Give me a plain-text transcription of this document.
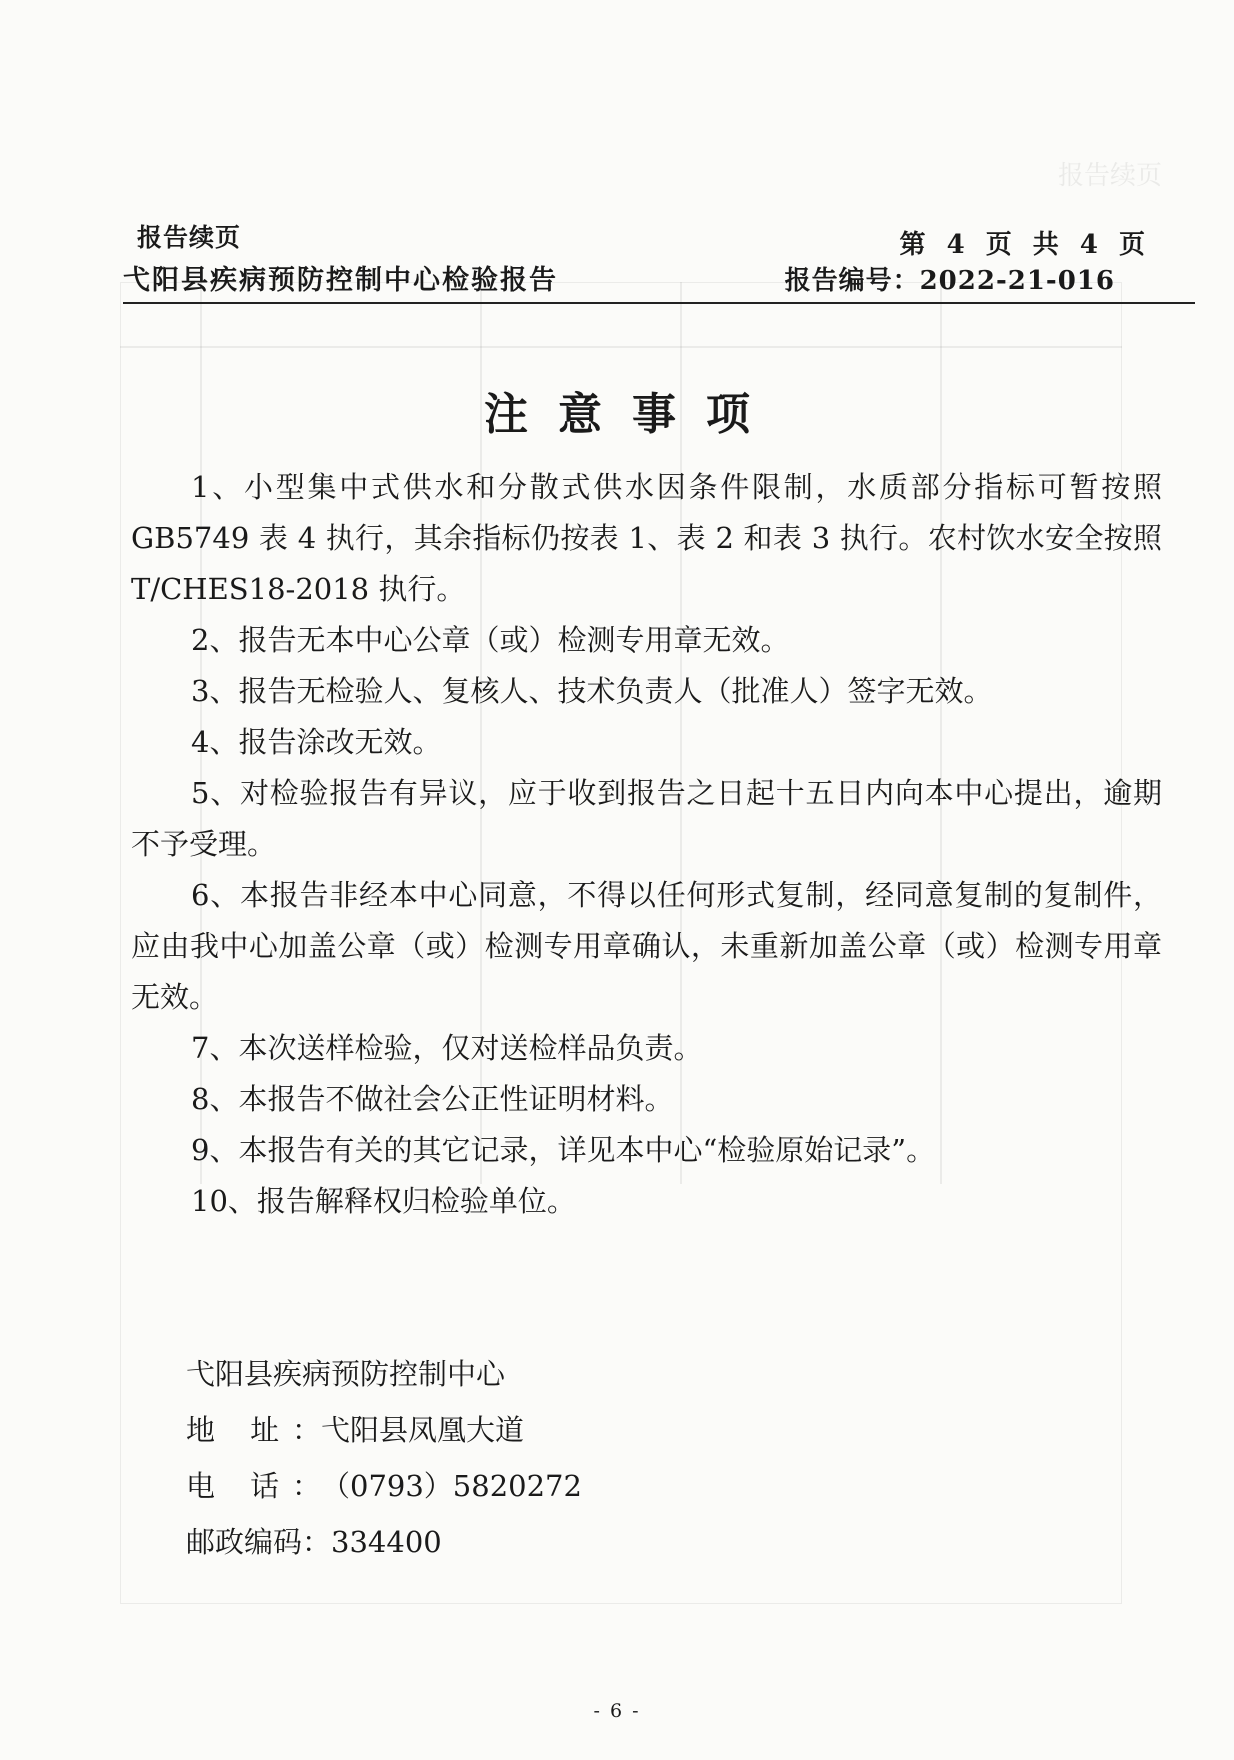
报告续页
报告续页
弋阳县疾病预防控制中心检验报告
第 4 页 共 4 页
报告编号：2022-21-016
注意事项

1、小型集中式供水和分散式供水因条件限制，水质部分指标可暂按照GB5749 表 4 执行，其余指标仍按表 1、表 2 和表 3 执行。农村饮水安全按照 T/CHES18-2018 执行。

2、报告无本中心公章（或）检测专用章无效。

3、报告无检验人、复核人、技术负责人（批准人）签字无效。

4、报告涂改无效。

5、对检验报告有异议，应于收到报告之日起十五日内向本中心提出，逾期不予受理。

6、本报告非经本中心同意，不得以任何形式复制，经同意复制的复制件，应由我中心加盖公章（或）检测专用章确认，未重新加盖公章（或）检测专用章无效。

7、本次送样检验，仅对送检样品负责。

8、本报告不做社会公正性证明材料。

9、本报告有关的其它记录，详见本中心“检验原始记录”。

10、报告解释权归检验单位。

弋阳县疾病预防控制中心
地 址： 弋阳县凤凰大道
电 话： （0793）5820272
邮政编码： 334400
- 6 -
